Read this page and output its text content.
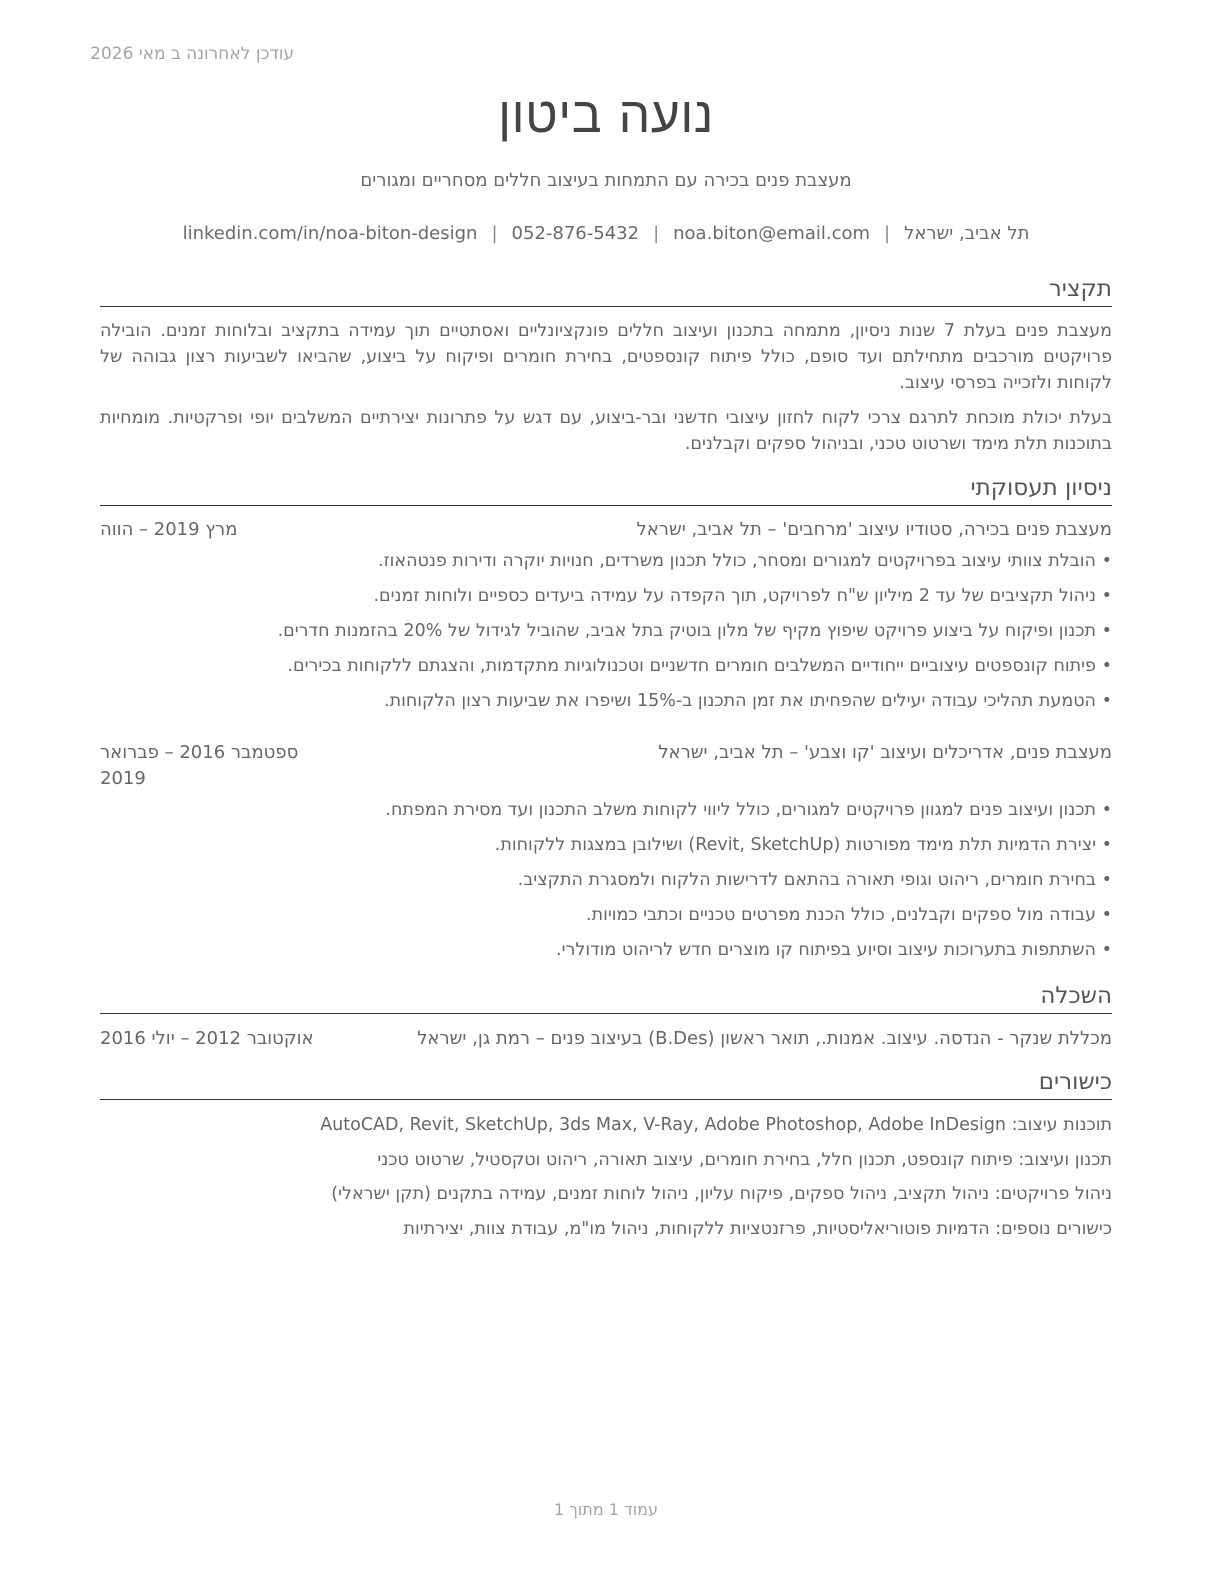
עודכן לאחרונה ב מאי 2026
נועה ביטון
מעצבת פנים בכירה עם התמחות בעיצוב חללים מסחריים ומגורים
תל אביב, ישראל|noa.biton@email.com|052-876-5432|linkedin.com/in/noa-biton-design
תקציר

מעצבת פנים בעלת 7 שנות ניסיון, מתמחה בתכנון ועיצוב חללים פונקציונליים ואסתטיים תוך עמידה בתקציב ובלוחות זמנים. הובילה פרויקטים מורכבים מתחילתם ועד סופם, כולל פיתוח קונספטים, בחירת חומרים ופיקוח על ביצוע, שהביאו לשביעות רצון גבוהה של לקוחות ולזכייה בפרסי עיצוב.

בעלת יכולת מוכחת לתרגם צרכי לקוח לחזון עיצובי חדשני ובר-ביצוע, עם דגש על פתרונות יצירתיים המשלבים יופי ופרקטיות. מומחיות בתוכנות תלת מימד ושרטוט טכני, ובניהול ספקים וקבלנים.

ניסיון תעסוקתי
מעצבת פנים בכירה, סטודיו עיצוב 'מרחבים' – תל אביב, ישראל
מרץ 2019 – הווה
• הובלת צוותי עיצוב בפרויקטים למגורים ומסחר, כולל תכנון משרדים, חנויות יוקרה ודירות פנטהאוז.
• ניהול תקציבים של עד 2 מיליון ש"ח לפרויקט, תוך הקפדה על עמידה ביעדים כספיים ולוחות זמנים.
• תכנון ופיקוח על ביצוע פרויקט שיפוץ מקיף של מלון בוטיק בתל אביב, שהוביל לגידול של 20% בהזמנות חדרים.
• פיתוח קונספטים עיצוביים ייחודיים המשלבים חומרים חדשניים וטכנולוגיות מתקדמות, והצגתם ללקוחות בכירים.
• הטמעת תהליכי עבודה יעילים שהפחיתו את זמן התכנון ב-15% ושיפרו את שביעות רצון הלקוחות.
מעצבת פנים, אדריכלים ועיצוב 'קו וצבע' – תל אביב, ישראל
ספטמבר 2016 – פברואר 2019
• תכנון ועיצוב פנים למגוון פרויקטים למגורים, כולל ליווי לקוחות משלב התכנון ועד מסירת המפתח.
• יצירת הדמיות תלת מימד מפורטות (Revit, SketchUp) ושילובן במצגות ללקוחות.
• בחירת חומרים, ריהוט וגופי תאורה בהתאם לדרישות הלקוח ולמסגרת התקציב.
• עבודה מול ספקים וקבלנים, כולל הכנת מפרטים טכניים וכתבי כמויות.
• השתתפות בתערוכות עיצוב וסיוע בפיתוח קו מוצרים חדש לריהוט מודולרי.
השכלה
מכללת שנקר - הנדסה. עיצוב. אמנות., תואר ראשון (B.Des) בעיצוב פנים – רמת גן, ישראל
אוקטובר 2012 – יולי 2016
כישורים
תוכנות עיצוב: AutoCAD, Revit, SketchUp, 3ds Max, V-Ray, Adobe Photoshop, Adobe InDesign
תכנון ועיצוב: פיתוח קונספט, תכנון חלל, בחירת חומרים, עיצוב תאורה, ריהוט וטקסטיל, שרטוט טכני
ניהול פרויקטים: ניהול תקציב, ניהול ספקים, פיקוח עליון, ניהול לוחות זמנים, עמידה בתקנים (תקן ישראלי)
כישורים נוספים: הדמיות פוטוריאליסטיות, פרזנטציות ללקוחות, ניהול מו"מ, עבודת צוות, יצירתיות
עמוד 1 מתוך 1
